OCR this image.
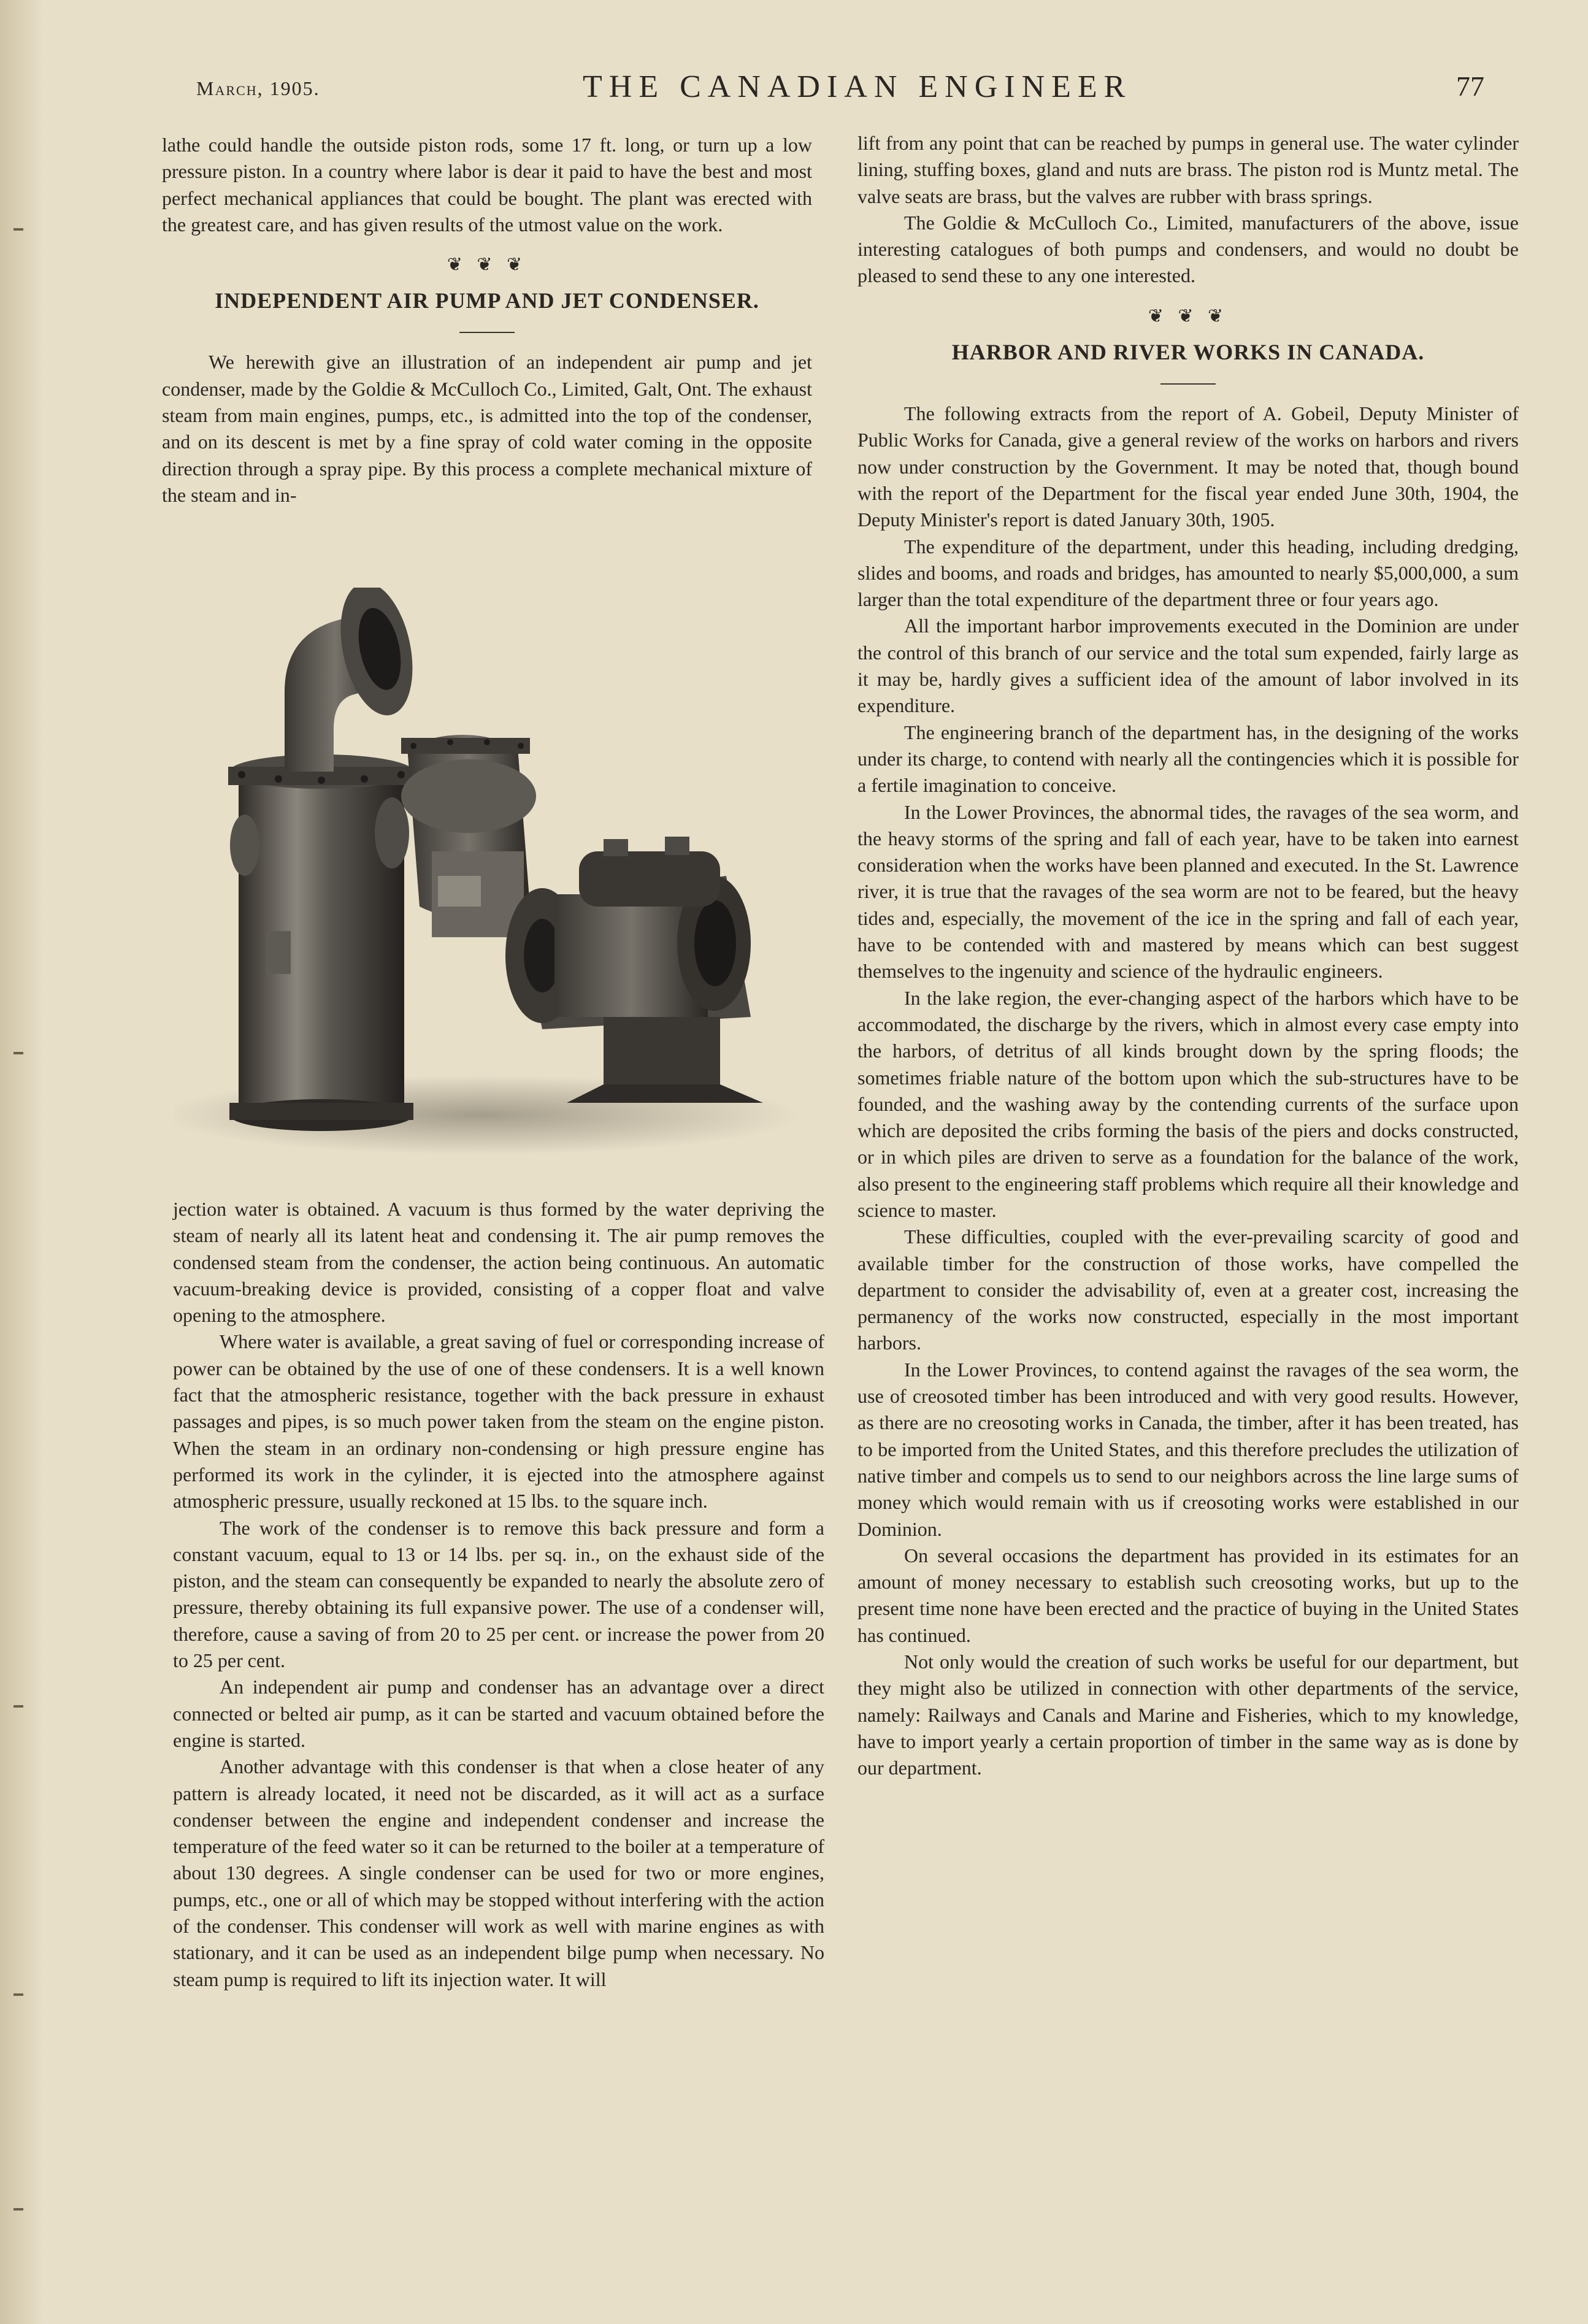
March, 1905.	THE CANADIAN ENGINEER	77

lathe could handle the outside piston rods, some 17 ft. long, or turn up a low pressure piston. In a country where labor is dear it paid to have the best and most perfect mechanical appliances that could be bought. The plant was erected with the greatest care, and has given results of the utmost value on the work.

❦ ❦ ❦
INDEPENDENT AIR PUMP AND JET CONDENSER.

We herewith give an illustration of an independent air pump and jet condenser, made by the Goldie & McCulloch Co., Limited, Galt, Ont. The exhaust steam from main engines, pumps, etc., is admitted into the top of the condenser, and on its descent is met by a fine spray of cold water coming in the opposite direction through a spray pipe. By this process a complete mechanical mixture of the steam and in-

jection water is obtained. A vacuum is thus formed by the water depriving the steam of nearly all its latent heat and condensing it. The air pump removes the condensed steam from the condenser, the action being continuous. An automatic vacuum-breaking device is provided, consisting of a copper float and valve opening to the atmosphere.

Where water is available, a great saving of fuel or corresponding increase of power can be obtained by the use of one of these condensers. It is a well known fact that the atmospheric resistance, together with the back pressure in exhaust passages and pipes, is so much power taken from the steam on the engine piston. When the steam in an ordinary non-condensing or high pressure engine has performed its work in the cylinder, it is ejected into the atmosphere against atmospheric pressure, usually reckoned at 15 lbs. to the square inch.

The work of the condenser is to remove this back pressure and form a constant vacuum, equal to 13 or 14 lbs. per sq. in., on the exhaust side of the piston, and the steam can consequently be expanded to nearly the absolute zero of pressure, thereby obtaining its full expansive power. The use of a condenser will, therefore, cause a saving of from 20 to 25 per cent. or increase the power from 20 to 25 per cent.

An independent air pump and condenser has an advantage over a direct connected or belted air pump, as it can be started and vacuum obtained before the engine is started.

Another advantage with this condenser is that when a close heater of any pattern is already located, it need not be discarded, as it will act as a surface condenser between the engine and independent condenser and increase the temperature of the feed water so it can be returned to the boiler at a temperature of about 130 degrees. A single condenser can be used for two or more engines, pumps, etc., one or all of which may be stopped without interfering with the action of the condenser. This condenser will work as well with marine engines as with stationary, and it can be used as an independent bilge pump when necessary. No steam pump is required to lift its injection water. It will

lift from any point that can be reached by pumps in general use. The water cylinder lining, stuffing boxes, gland and nuts are brass. The piston rod is Muntz metal. The valve seats are brass, but the valves are rubber with brass springs.

The Goldie & McCulloch Co., Limited, manufacturers of the above, issue interesting catalogues of both pumps and condensers, and would no doubt be pleased to send these to any one interested.

❦ ❦ ❦
HARBOR AND RIVER WORKS IN CANADA.

The following extracts from the report of A. Gobeil, Deputy Minister of Public Works for Canada, give a general review of the works on harbors and rivers now under construction by the Government. It may be noted that, though bound with the report of the Department for the fiscal year ended June 30th, 1904, the Deputy Minister's report is dated January 30th, 1905.

The expenditure of the department, under this heading, including dredging, slides and booms, and roads and bridges, has amounted to nearly $5,000,000, a sum larger than the total expenditure of the department three or four years ago.

All the important harbor improvements executed in the Dominion are under the control of this branch of our service and the total sum expended, fairly large as it may be, hardly gives a sufficient idea of the amount of labor involved in its expenditure.

The engineering branch of the department has, in the designing of the works under its charge, to contend with nearly all the contingencies which it is possible for a fertile imagination to conceive.

In the Lower Provinces, the abnormal tides, the ravages of the sea worm, and the heavy storms of the spring and fall of each year, have to be taken into earnest consideration when the works have been planned and executed. In the St. Lawrence river, it is true that the ravages of the sea worm are not to be feared, but the heavy tides and, especially, the movement of the ice in the spring and fall of each year, have to be contended with and mastered by means which can best suggest themselves to the ingenuity and science of the hydraulic engineers.

In the lake region, the ever-changing aspect of the harbors which have to be accommodated, the discharge by the rivers, which in almost every case empty into the harbors, of detritus of all kinds brought down by the spring floods; the sometimes friable nature of the bottom upon which the sub-structures have to be founded, and the washing away by the contending currents of the surface upon which are deposited the cribs forming the basis of the piers and docks constructed, or in which piles are driven to serve as a foundation for the balance of the work, also present to the engineering staff problems which require all their knowledge and science to master.

These difficulties, coupled with the ever-prevailing scarcity of good and available timber for the construction of those works, have compelled the department to consider the advisability of, even at a greater cost, increasing the permanency of the works now constructed, especially in the most important harbors.

In the Lower Provinces, to contend against the ravages of the sea worm, the use of creosoted timber has been introduced and with very good results. However, as there are no creosoting works in Canada, the timber, after it has been treated, has to be imported from the United States, and this therefore precludes the utilization of native timber and compels us to send to our neighbors across the line large sums of money which would remain with us if creosoting works were established in our Dominion.

On several occasions the department has provided in its estimates for an amount of money necessary to establish such creosoting works, but up to the present time none have been erected and the practice of buying in the United States has continued.

Not only would the creation of such works be useful for our department, but they might also be utilized in connection with other departments of the service, namely: Railways and Canals and Marine and Fisheries, which to my knowledge, have to import yearly a certain proportion of timber in the same way as is done by our department.
